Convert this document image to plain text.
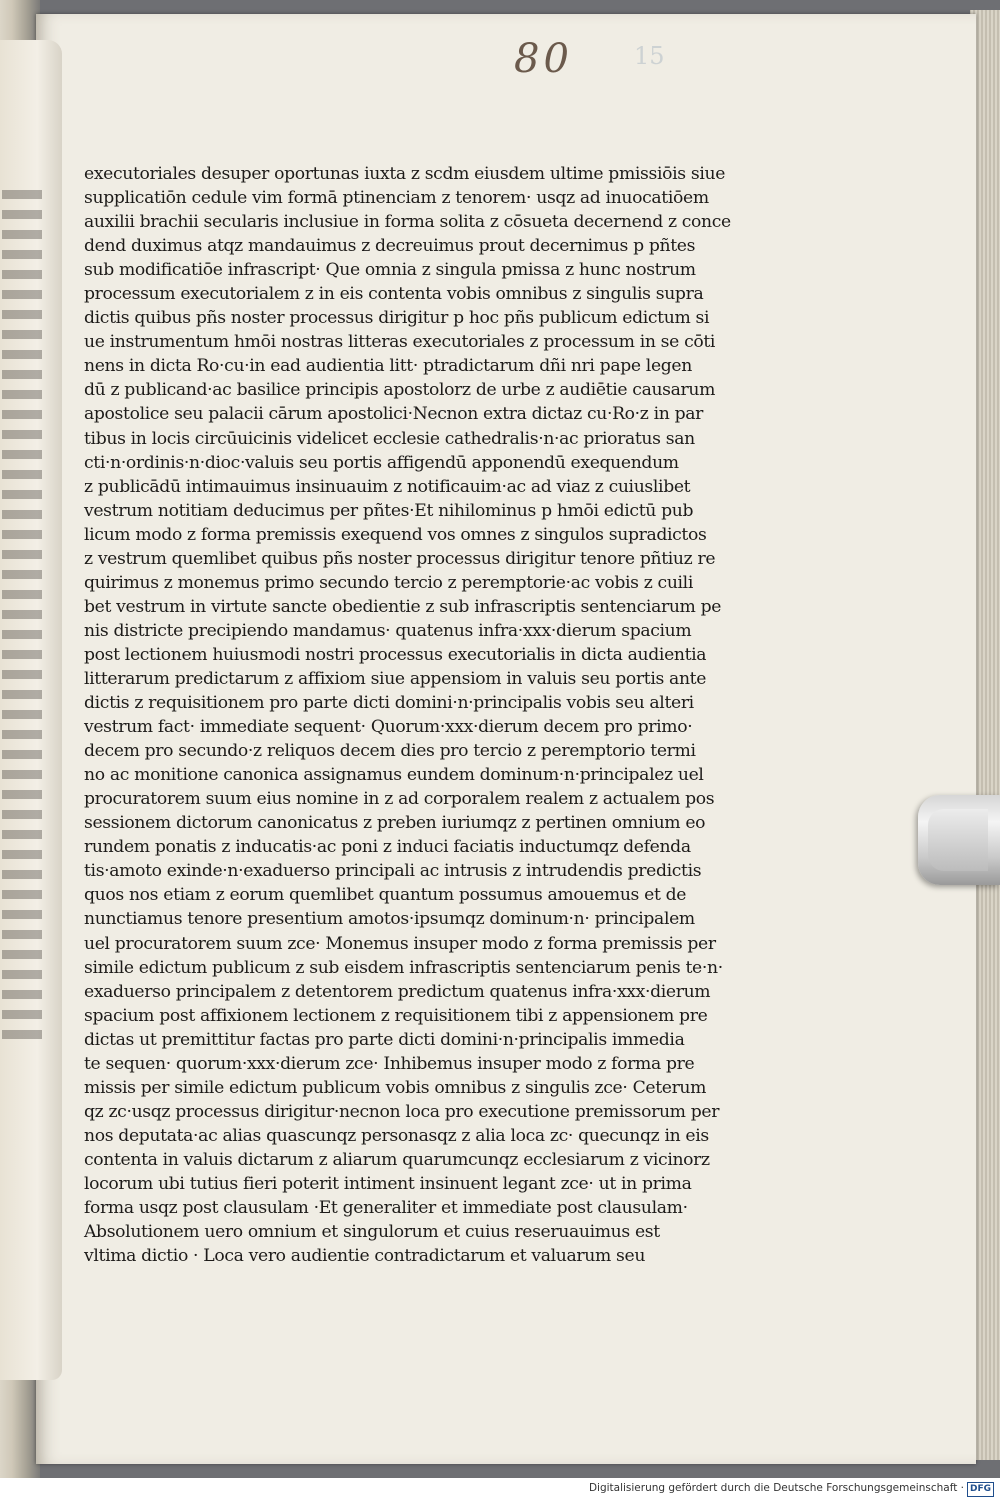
80	15
executoriales desuper oportunas iuxta z scdm eiusdem ultime pmissiōis siue
supplicatiōn cedule vim formā ptinenciam z tenorem· usqz ad inuocatiōem
auxilii brachii secularis inclusiue in forma solita z cōsueta decernend z conce
dend duximus atqz mandauimus z decreuimus prout decernimus p pñtes
sub modificatiōe infrascript· Que omnia z singula pmissa z hunc nostrum
processum executorialem z in eis contenta vobis omnibus z singulis supra
dictis quibus pñs noster processus dirigitur p hoc pñs publicum edictum si
ue instrumentum hmōi nostras litteras executoriales z processum in se cōti
nens in dicta Ro·cu·in ead audientia litt· ptradictarum dñi nri pape legen
dū z publicand·ac basilice principis apostolorz de urbe z audiētie causarum
apostolice seu palacii cārum apostolici·Necnon extra dictaz cu·Ro·z in par
tibus in locis circūuicinis videlicet ecclesie cathedralis·n·ac prioratus san
cti·n·ordinis·n·dioc·valuis seu portis affigendū apponendū exequendum
z publicādū intimauimus insinuauim z notificauim·ac ad viaz z cuiuslibet
vestrum notitiam deducimus per pñtes·Et nihilominus p hmōi edictū pub
licum modo z forma premissis exequend vos omnes z singulos supradictos
z vestrum quemlibet quibus pñs noster processus dirigitur tenore pñtiuz re
quirimus z monemus primo secundo tercio z peremptorie·ac vobis z cuili
bet vestrum in virtute sancte obedientie z sub infrascriptis sentenciarum pe
nis districte precipiendo mandamus· quatenus infra·xxx·dierum spacium
post lectionem huiusmodi nostri processus executorialis in dicta audientia
litterarum predictarum z affixiom siue appensiom in valuis seu portis ante
dictis z requisitionem pro parte dicti domini·n·principalis vobis seu alteri
vestrum fact· immediate sequent· Quorum·xxx·dierum decem pro primo·
decem pro secundo·z reliquos decem dies pro tercio z peremptorio termi
no ac monitione canonica assignamus eundem dominum·n·principalez uel
procuratorem suum eius nomine in z ad corporalem realem z actualem pos
sessionem dictorum canonicatus z preben iuriumqz z pertinen omnium eo
rundem ponatis z inducatis·ac poni z induci faciatis inductumqz defenda
tis·amoto exinde·n·exaduerso principali ac intrusis z intrudendis predictis
quos nos etiam z eorum quemlibet quantum possumus amouemus et de
nunctiamus tenore presentium amotos·ipsumqz dominum·n· principalem
uel procuratorem suum zce· Monemus insuper modo z forma premissis per
simile edictum publicum z sub eisdem infrascriptis sentenciarum penis te·n·
exaduerso principalem z detentorem predictum quatenus infra·xxx·dierum
spacium post affixionem lectionem z requisitionem tibi z appensionem pre
dictas ut premittitur factas pro parte dicti domini·n·principalis immedia
te sequen· quorum·xxx·dierum zce· Inhibemus insuper modo z forma pre
missis per simile edictum publicum vobis omnibus z singulis zce· Ceterum
qz zc·usqz processus dirigitur·necnon loca pro executione premissorum per
nos deputata·ac alias quascunqz personasqz z alia loca zc· quecunqz in eis
contenta in valuis dictarum z aliarum quarumcunqz ecclesiarum z vicinorz
locorum ubi tutius fieri poterit intiment insinuent legant zce· ut in prima
forma usqz post clausulam ·Et generaliter et immediate post clausulam·
Absolutionem uero omnium et singulorum et cuius reseruauimus est
vltima dictio · Loca vero audientie contradictarum et valuarum seu
Digitalisierung gefördert durch die Deutsche Forschungsgemeinschaft · DFG
